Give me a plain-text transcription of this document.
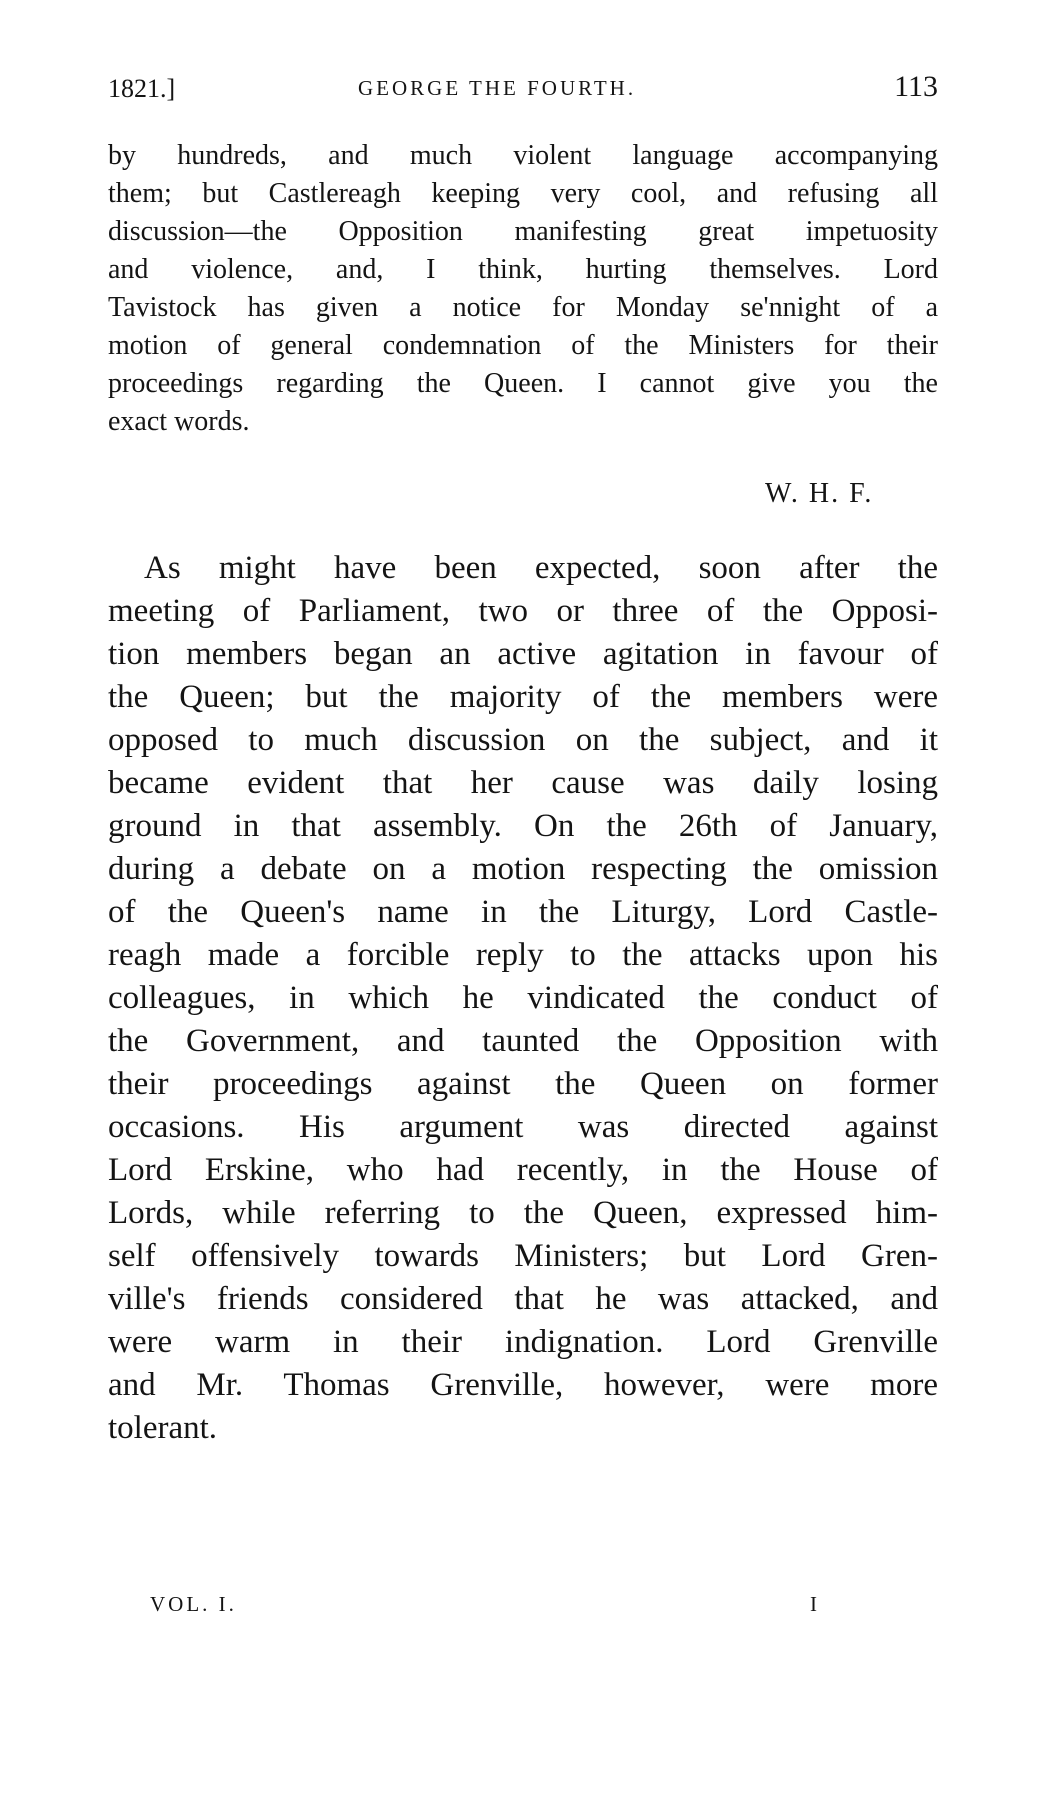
1821.]	GEORGE THE FOURTH.	113
by hundreds, and much violent language accompanying
them; but Castlereagh keeping very cool, and refusing all
discussion—the Opposition manifesting great impetuosity
and violence, and, I think, hurting themselves. Lord
Tavistock has given a notice for Monday se'nnight of a
motion of general condemnation of the Ministers for their
proceedings regarding the Queen. I cannot give you the
exact words.
W. H. F.
As might have been expected, soon after the
meeting of Parliament, two or three of the Opposi-
tion members began an active agitation in favour of
the Queen; but the majority of the members were
opposed to much discussion on the subject, and it
became evident that her cause was daily losing
ground in that assembly. On the 26th of January,
during a debate on a motion respecting the omission
of the Queen's name in the Liturgy, Lord Castle-
reagh made a forcible reply to the attacks upon his
colleagues, in which he vindicated the conduct of
the Government, and taunted the Opposition with
their proceedings against the Queen on former
occasions. His argument was directed against
Lord Erskine, who had recently, in the House of
Lords, while referring to the Queen, expressed him-
self offensively towards Ministers; but Lord Gren-
ville's friends considered that he was attacked, and
were warm in their indignation. Lord Grenville
and Mr. Thomas Grenville, however, were more
tolerant.
VOL. I.	I
